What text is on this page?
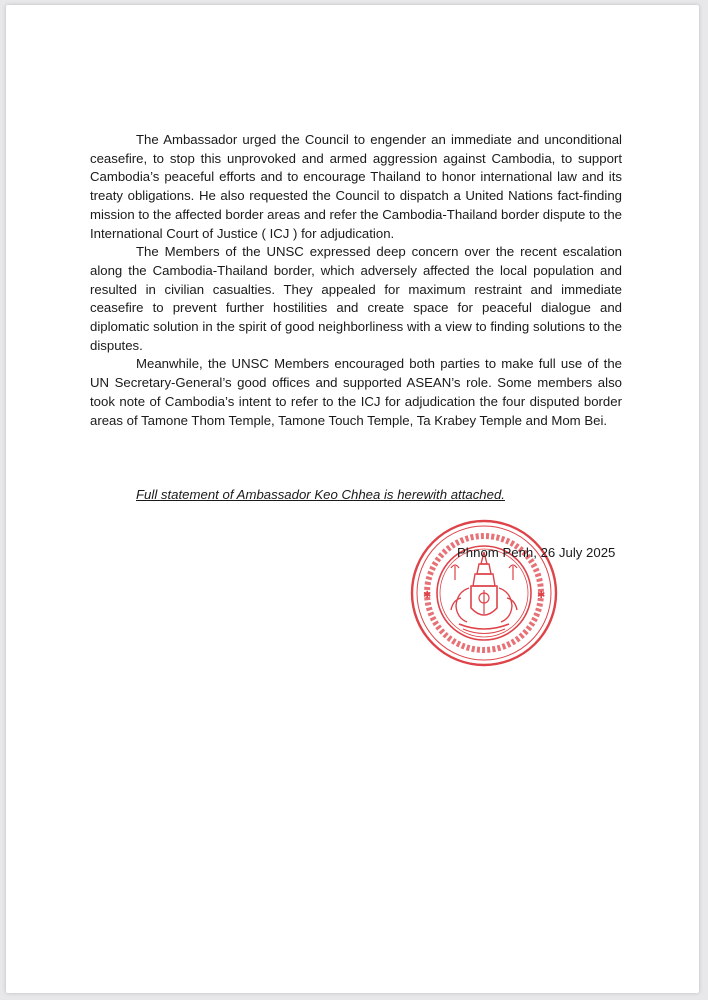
The Ambassador urged the Council to engender an immediate and unconditional ceasefire, to stop this unprovoked and armed aggression against Cambodia, to support Cambodia’s peaceful efforts and to encourage Thailand to honor international law and its treaty obligations. He also requested the Council to dispatch a United Nations fact-finding mission to the affected border areas and refer the Cambodia-Thailand border dispute to the International Court of Justice ( ICJ ) for adjudication.

The Members of the UNSC expressed deep concern over the recent escalation along the Cambodia-Thailand border, which adversely affected the local population and resulted in civilian casualties. They appealed for maximum restraint and immediate ceasefire to prevent further hostilities and create space for peaceful dialogue and diplomatic solution in the spirit of good neighborliness with a view to finding solutions to the disputes.

Meanwhile, the UNSC Members encouraged both parties to make full use of the UN Secretary-General’s good offices and supported ASEAN’s role. Some members also took note of Cambodia’s intent to refer to the ICJ for adjudication the four disputed border areas of Tamone Thom Temple, Tamone Touch Temple, Ta Krabey Temple and Mom Bei.

Full statement of Ambassador Keo Chhea is herewith attached.
✱	✱
Phnom Penh, 26 July 2025
